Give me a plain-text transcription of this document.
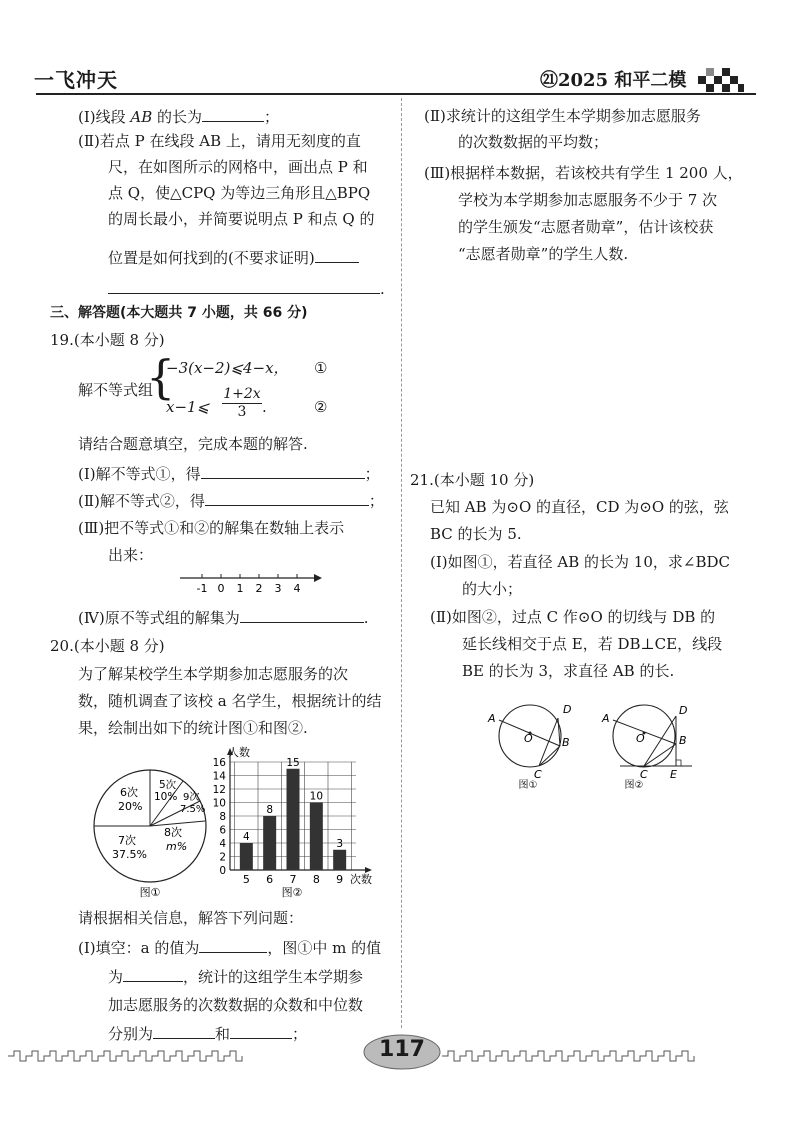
一飞冲天	㉑2025 和平二模
(Ⅰ)线段 AB 的长为	；
(Ⅱ)若点 P 在线段 AB 上，请用无刻度的直
尺，在如图所示的网格中，画出点 P 和
点 Q，使△CPQ 为等边三角形且△BPQ
的周长最小，并简要说明点 P 和点 Q 的
位置是如何找到的(不要求证明)
.
三、解答题(本大题共 7 小题，共 66 分)
19.(本小题 8 分)
解不等式组
{
−3(x−2)⩽4−x， ①
x−1⩽ $\frac{1+2x}{3}$ .	②
请结合题意填空，完成本题的解答.
(Ⅰ)解不等式①，得	；
(Ⅱ)解不等式②，得	；
(Ⅲ)把不等式①和②的解集在数轴上表示
出来：
-1 0 1 2 3 4
(Ⅳ)原不等式组的解集为	.
20.(本小题 8 分)
为了解某校学生本学期参加志愿服务的次
数，随机调查了该校 a 名学生，根据统计的结
果，绘制出如下的统计图①和图②.
5次
10% 9次
7.5%
6次
20%
7次
37.5%
8次
m%
图①
0
2
4
6
8
10
12
14
16
4
8
15
10
3
5 6 7 8 9
人数
次数
图②
请根据相关信息，解答下列问题：
(Ⅰ)填空：a 的值为	，图①中 m 的值
为	，统计的这组学生本学期参
加志愿服务的次数数据的众数和中位数
分别为	和	；
(Ⅱ)求统计的这组学生本学期参加志愿服务
的次数数据的平均数；
(Ⅲ)根据样本数据，若该校共有学生 1 200 人，
学校为本学期参加志愿服务不少于 7 次
的学生颁发“志愿者勋章”，估计该校获
“志愿者勋章”的学生人数.
21.(本小题 10 分)
已知 AB 为⊙O 的直径，CD 为⊙O 的弦，弦
BC 的长为 5.
(Ⅰ)如图①，若直径 AB 的长为 10，求∠BDC
的大小；
(Ⅱ)如图②，过点 C 作⊙O 的切线与 DB 的
延长线相交于点 E，若 DB⊥CE，线段
BE 的长为 3，求直径 AB 的长.
A
D
B
O
C
图①
A
D
B
O
C E
图②
117
